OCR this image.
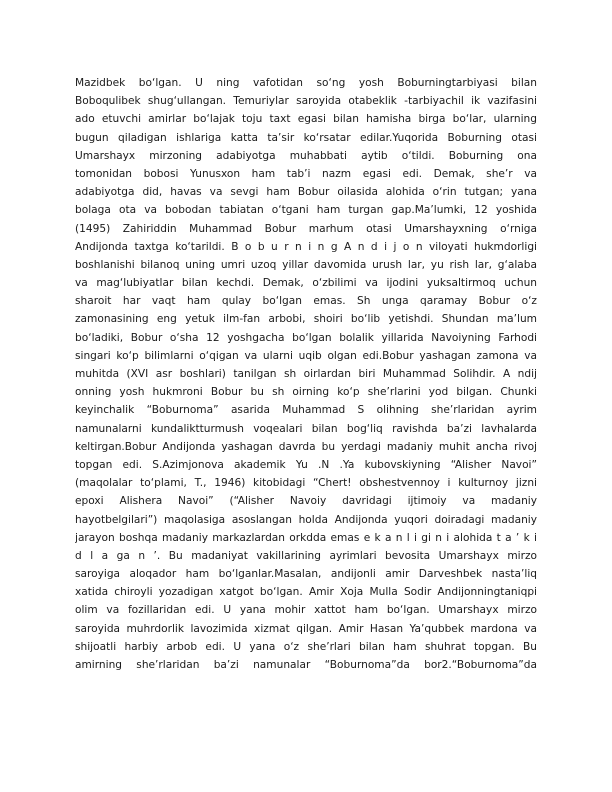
Mazidbek bo‘lgan. U ning vafotidan so‘ng yosh Boburningtarbiyasi bilan
Boboqulibek shug‘ullangan. Temuriylar saroyida otabeklik -tarbiyachil ik vazifasini
ado etuvchi amirlar bo‘lajak toju taxt egasi bilan hamisha birga bo‘lar, ularning
bugun qiladigan ishlariga katta ta’sir ko‘rsatar edilar.Yuqorida Boburning otasi
Umarshayx mirzoning adabiyotga muhabbati aytib o‘tildi. Boburning ona
tomonidan bobosi Yunusxon ham tab’i nazm egasi edi. Demak, she’r va
adabiyotga did, havas va sevgi ham Bobur oilasida alohida o‘rin tutgan; yana
bolaga ota va bobodan tabiatan o‘tgani ham turgan gap.Ma’lumki, 12 yoshida
(1495) Zahiriddin Muhammad Bobur marhum otasi Umarshayxning o‘rniga
Andijonda taxtga ko‘tarildi. B o b u r n i n g A n d i j o n viloyati hukmdorligi
boshlanishi bilanoq uning umri uzoq yillar davomida urush lar, yu rish lar, g‘alaba
va mag‘lubiyatlar bilan kechdi. Demak, o‘zbilimi va ijodini yuksaltirmoq uchun
sharoit har vaqt ham qulay bo‘lgan emas. Sh unga qaramay Bobur o‘z
zamonasining eng yetuk ilm-fan arbobi, shoiri bo‘lib yetishdi. Shundan ma’lum
bo‘ladiki, Bobur o‘sha 12 yoshgacha bo‘lgan bolalik yillarida Navoiyning Farhodi
singari ko‘p bilimlarni o‘qigan va ularni uqib olgan edi.Bobur yashagan zamona va
muhitda (XVI asr boshlari) tanilgan sh oirlardan biri Muhammad Solihdir. A ndij
onning yosh hukmroni Bobur bu sh oirning ko‘p she’rlarini yod bilgan. Chunki
keyinchalik “Boburnoma” asarida Muhammad S olihning she’rlaridan ayrim
namunalarni kundaliktturmush voqealari bilan bog‘liq ravishda ba’zi lavhalarda
keltirgan.Bobur Andijonda yashagan davrda bu yerdagi madaniy muhit ancha rivoj
topgan edi. S.Azimjonova akademik Yu .N .Ya kubovskiyning “Alisher Navoi”
(maqolalar to‘plami, T., 1946) kitobidagi “Chert! obshestvennoy i kulturnoy jizni
epoxi Alishera Navoi” (“Alisher Navoiy davridagi ijtimoiy va madaniy
hayotbelgilari”) maqolasiga asoslangan holda Andijonda yuqori doiradagi madaniy
jarayon boshqa madaniy markazlardan orkdda emas e k a n l i gi n i alohida t a ’ k i
d l a ga n ’. Bu madaniyat vakillarining ayrimlari bevosita Umarshayx mirzo
saroyiga aloqador ham bo‘lganlar.Masalan, andijonli amir Darveshbek nasta’liq
xatida chiroyli yozadigan xatgot bo‘lgan. Amir Xoja Mulla Sodir Andijonningtaniqpi
olim va fozillaridan edi. U yana mohir xattot ham bo‘lgan. Umarshayx mirzo
saroyida muhrdorlik lavozimida xizmat qilgan. Amir Hasan Ya’qubbek mardona va
shijoatli harbiy arbob edi. U yana o‘z she’rlari bilan ham shuhrat topgan. Bu
amirning she’rlaridan ba’zi namunalar “Boburnoma”da bor2.“Boburnoma”da
